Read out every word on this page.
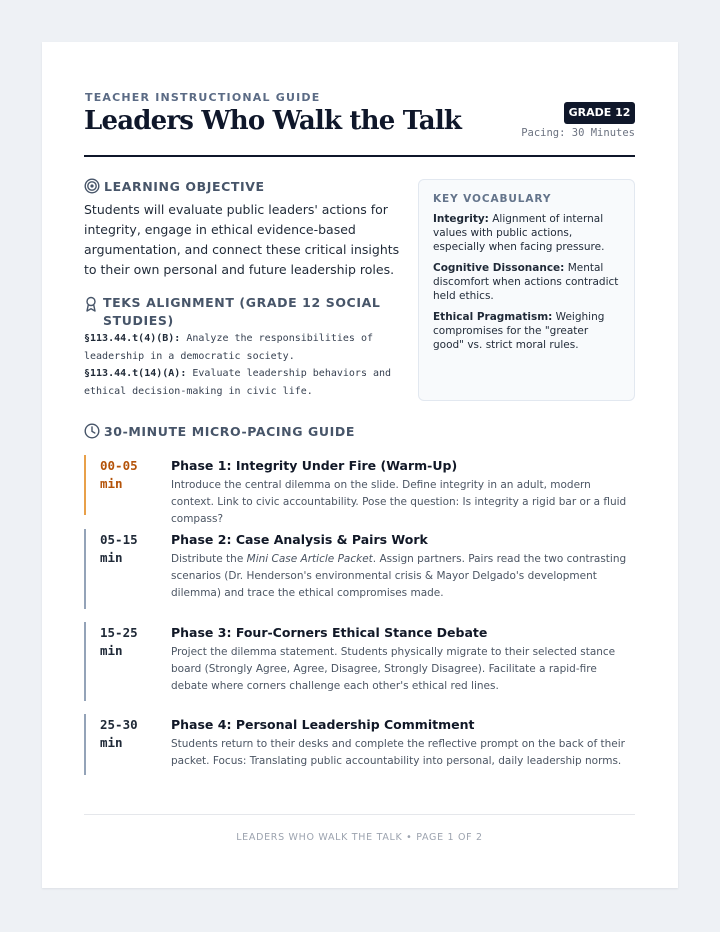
TEACHER INSTRUCTIONAL GUIDE
Leaders Who Walk the Talk	GRADE 12
Pacing: 30 Minutes
LEARNING OBJECTIVE
Students will evaluate public leaders' actions for integrity, engage in ethical evidence-based argumentation, and connect these critical insights to their own personal and future leadership roles.
TEKS ALIGNMENT (GRADE 12 SOCIAL STUDIES)
§113.44.t(4)(B): Analyze the responsibilities of leadership in a democratic society.
§113.44.t(14)(A): Evaluate leadership behaviors and ethical decision-making in civic life.
KEY VOCABULARY
Integrity: Alignment of internal values with public actions, especially when facing pressure.
Cognitive Dissonance: Mental discomfort when actions contradict held ethics.
Ethical Pragmatism: Weighing compromises for the "greater good" vs. strict moral rules.
30-MINUTE MICRO-PACING GUIDE
00-05
min
Phase 1: Integrity Under Fire (Warm-Up)
Introduce the central dilemma on the slide. Define integrity in an adult, modern context. Link to civic accountability. Pose the question: Is integrity a rigid bar or a fluid compass?
05-15
min
Phase 2: Case Analysis & Pairs Work
Distribute the Mini Case Article Packet. Assign partners. Pairs read the two contrasting scenarios (Dr. Henderson's environmental crisis & Mayor Delgado's development dilemma) and trace the ethical compromises made.
15-25
min
Phase 3: Four-Corners Ethical Stance Debate
Project the dilemma statement. Students physically migrate to their selected stance board (Strongly Agree, Agree, Disagree, Strongly Disagree). Facilitate a rapid-fire debate where corners challenge each other's ethical red lines.
25-30
min
Phase 4: Personal Leadership Commitment
Students return to their desks and complete the reflective prompt on the back of their packet. Focus: Translating public accountability into personal, daily leadership norms.
LEADERS WHO WALK THE TALK • PAGE 1 OF 2
